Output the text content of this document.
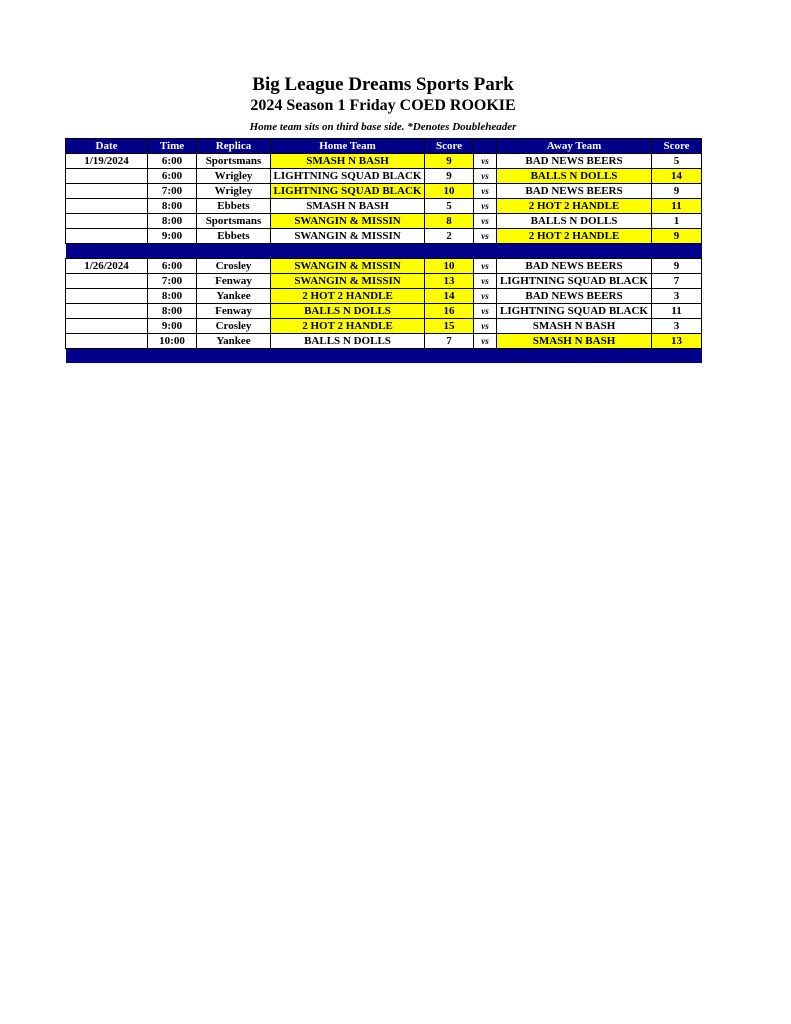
Big League Dreams Sports Park
2024 Season 1 Friday COED ROOKIE

Home team sits on third base side. *Denotes Doubleheader

Date	Time	Replica	Home Team	Score		Away Team	Score
1/19/2024	6:00	Sportsmans	SMASH N BASH	9	vs	BAD NEWS BEERS	5
	6:00	Wrigley	LIGHTNING SQUAD BLACK	9	vs	BALLS N DOLLS	14
	7:00	Wrigley	LIGHTNING SQUAD BLACK	10	vs	BAD NEWS BEERS	9
	8:00	Ebbets	SMASH N BASH	5	vs	2 HOT 2 HANDLE	11
	8:00	Sportsmans	SWANGIN & MISSIN	8	vs	BALLS N DOLLS	1
	9:00	Ebbets	SWANGIN & MISSIN	2	vs	2 HOT 2 HANDLE	9

1/26/2024	6:00	Crosley	SWANGIN & MISSIN	10	vs	BAD NEWS BEERS	9
	7:00	Fenway	SWANGIN & MISSIN	13	vs	LIGHTNING SQUAD BLACK	7
	8:00	Yankee	2 HOT 2 HANDLE	14	vs	BAD NEWS BEERS	3
	8:00	Fenway	BALLS N DOLLS	16	vs	LIGHTNING SQUAD BLACK	11
	9:00	Crosley	2 HOT 2 HANDLE	15	vs	SMASH N BASH	3
	10:00	Yankee	BALLS N DOLLS	7	vs	SMASH N BASH	13
